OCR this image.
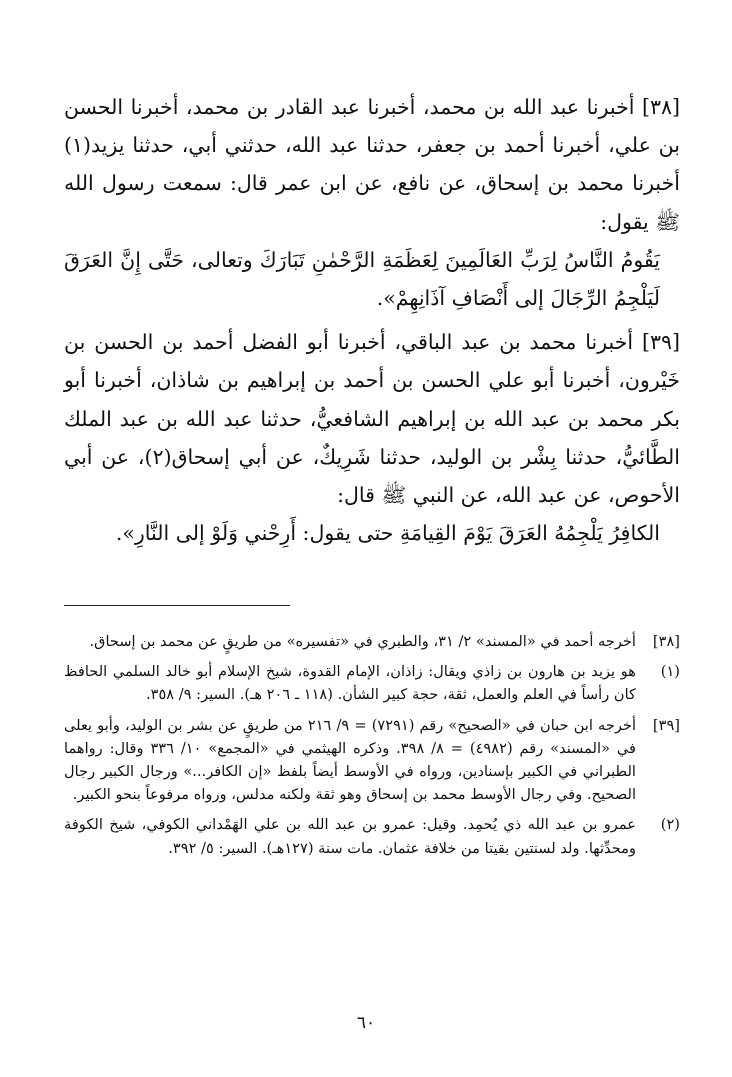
[٣٨] أخبرنا عبد الله بن محمد، أخبرنا عبد القادر بن محمد، أخبرنا الحسن بن علي، أخبرنا أحمد بن جعفر، حدثنا عبد الله، حدثني أبي، حدثنا يزيد(١) أخبرنا محمد بن إسحاق، عن نافع، عن ابن عمر قال: سمعت رسول الله ﷺ يقول:

يَقُومُ النَّاسُ لِرَبِّ العَالَمِينَ لِعَظَمَةِ الرَّحْمٰنِ تَبَارَكَ وتعالى، حَتَّى إِنَّ العَرَقَ لَيَلْجِمُ الرِّجَالَ إلى أَنْصَافِ آذَانِهِمْ».

[٣٩] أخبرنا محمد بن عبد الباقي، أخبرنا أبو الفضل أحمد بن الحسن بن خَيْرون، أخبرنا أبو علي الحسن بن أحمد بن إبراهيم بن شاذان، أخبرنا أبو بكر محمد بن عبد الله بن إبراهيم الشافعيُّ، حدثنا عبد الله بن عبد الملك الطَّائيُّ، حدثنا بِشْر بن الوليد، حدثنا شَرِيكٌ، عن أبي إسحاق(٢)، عن أبي الأحوص، عن عبد الله، عن النبي ﷺ قال:

الكافِرُ يَلْجِمُهُ العَرَقَ يَوْمَ القِيامَةِ حتى يقول: أَرِحْني وَلَوْ إلى النَّارِ».

[٣٨]
أخرجه أحمد في «المسند» ٢/ ٣١، والطبري في «تفسيره» من طريقٍ عن محمد بن إسحاق.
(١)
هو يزيد بن هارون بن زاذي ويقال: زاذان، الإمام القدوة، شيخ الإسلام أبو خالد السلمي الحافظ كان رأساً في العلم والعمل، ثقة، حجة كبير الشأن. (١١٨ ـ ٢٠٦ هـ). السير: ٩/ ٣٥٨.
[٣٩]
أخرجه ابن حبان في «الصحيح» رقم (٧٢٩١) = ٩/ ٢١٦ من طريقٍ عن بشر بن الوليد، وأبو يعلى في «المسند» رقم (٤٩٨٢) = ٨/ ٣٩٨. وذكره الهيثمي في «المجمع» ١٠/ ٣٣٦ وقال: رواهما الطبراني في الكبير بإسنادين، ورواه في الأوسط أيضاً بلفظ «إن الكافر...» ورجال الكبير رجال الصحيح. وفي رجال الأوسط محمد بن إسحاق وهو ثقة ولكنه مدلس، ورواه مرفوعاً بنحو الكبير.
(٢)
عمرو بن عبد الله ذي يُحمِد. وقيل: عمرو بن عبد الله بن علي الهَمْداني الكوفي، شيخ الكوفة ومحدِّثها. ولد لسنتين بقيتا من خلافة عثمان. مات سنة (١٢٧هـ). السير: ٥/ ٣٩٢.
٦٠
